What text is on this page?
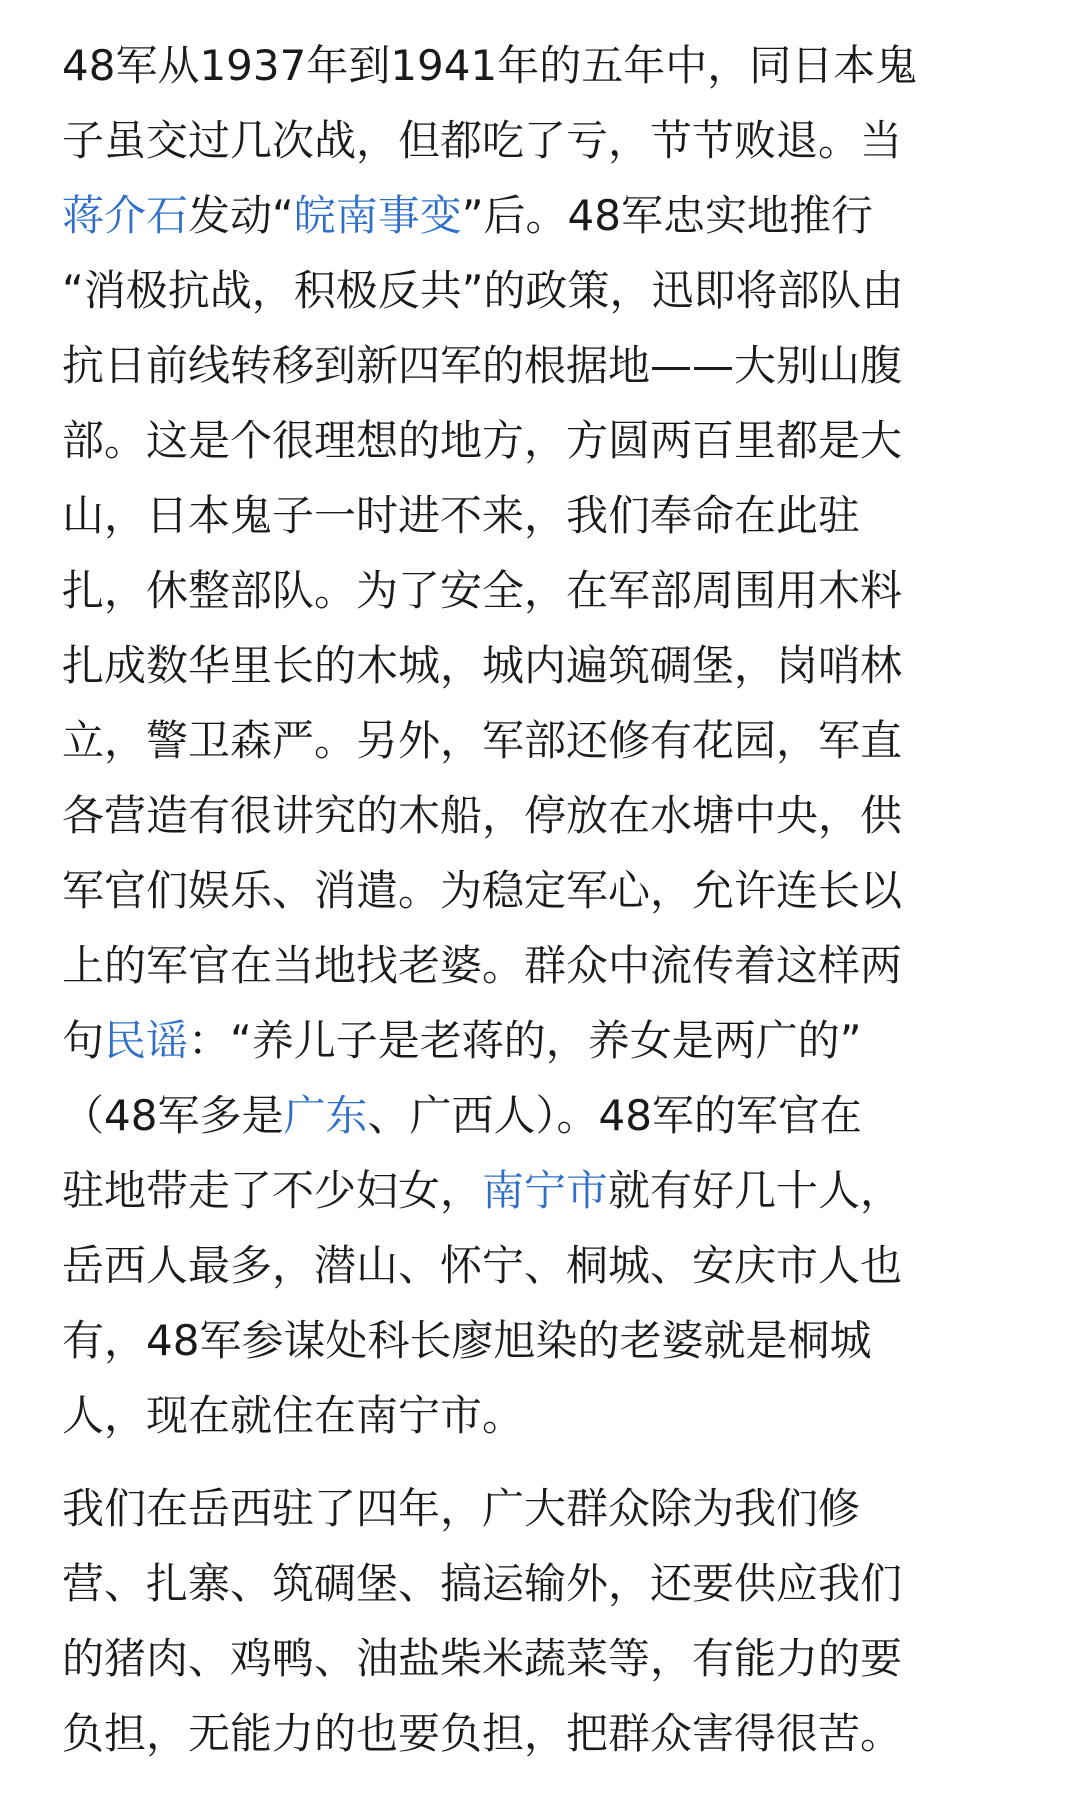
48军从1937年到1941年的五年中，同日本鬼
子虽交过几次战，但都吃了亏，节节败退。当
蒋介石发动“皖南事变”后。48军忠实地推行
“消极抗战，积极反共”的政策，迅即将部队由
抗日前线转移到新四军的根据地——大别山腹
部。这是个很理想的地方，方圆两百里都是大
山，日本鬼子一时进不来，我们奉命在此驻
扎，休整部队。为了安全，在军部周围用木料
扎成数华里长的木城，城内遍筑碉堡，岗哨林
立，警卫森严。另外，军部还修有花园，军直
各营造有很讲究的木船，停放在水塘中央，供
军官们娱乐、消遣。为稳定军心，允许连长以
上的军官在当地找老婆。群众中流传着这样两
句民谣：“养儿子是老蒋的，养女是两广的”
（48军多是广东、广西人）。48军的军官在
驻地带走了不少妇女，南宁市就有好几十人，
岳西人最多，潜山、怀宁、桐城、安庆市人也
有，48军参谋处科长廖旭染的老婆就是桐城
人，现在就住在南宁市。

我们在岳西驻了四年，广大群众除为我们修
营、扎寨、筑碉堡、搞运输外，还要供应我们
的猪肉、鸡鸭、油盐柴米蔬菜等，有能力的要
负担，无能力的也要负担，把群众害得很苦。
